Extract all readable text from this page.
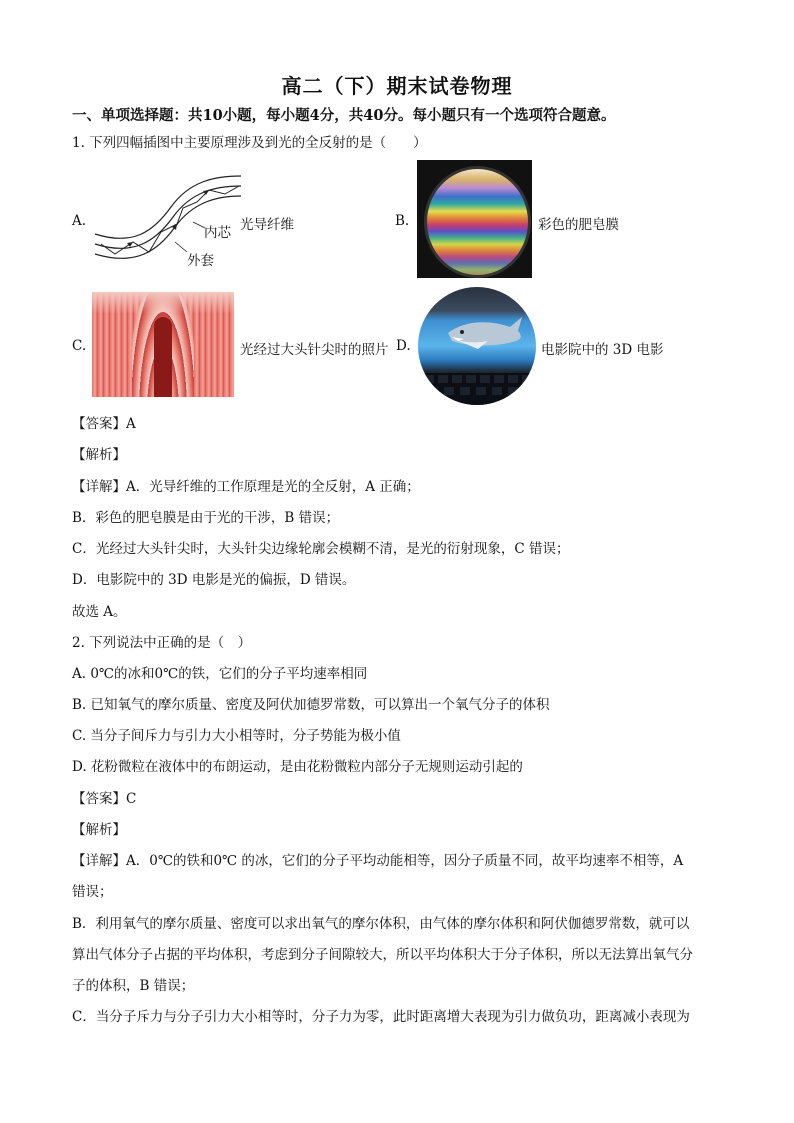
高二（下）期末试卷物理
一、单项选择题：共10小题，每小题4分，共40分。每小题只有一个选项符合题意。
1. 下列四幅插图中主要原理涉及到光的全反射的是（　　）
A.
内芯
外套
光导纤维	B.	彩色的肥皂膜
C.	光经过大头针尖时的照片 D.	电影院中的 3D 电影
【答案】A
【解析】
【详解】A．光导纤维的工作原理是光的全反射，A 正确；
B．彩色的肥皂膜是由于光的干涉，B 错误；
C．光经过大头针尖时，大头针尖边缘轮廓会模糊不清，是光的衍射现象，C 错误；
D．电影院中的 3D 电影是光的偏振，D 错误。
故选 A。
2. 下列说法中正确的是（　）
A. 0℃的冰和0℃的铁，它们的分子平均速率相同
B. 已知氧气的摩尔质量、密度及阿伏加德罗常数，可以算出一个氧气分子的体积
C. 当分子间斥力与引力大小相等时，分子势能为极小值
D. 花粉微粒在液体中的布朗运动，是由花粉微粒内部分子无规则运动引起的
【答案】C
【解析】
【详解】A．0℃的铁和0℃ 的冰，它们的分子平均动能相等，因分子质量不同，故平均速率不相等，A
错误；
B．利用氧气的摩尔质量、密度可以求出氧气的摩尔体积，由气体的摩尔体积和阿伏伽德罗常数，就可以
算出气体分子占据的平均体积，考虑到分子间隙较大，所以平均体积大于分子体积，所以无法算出氧气分
子的体积，B 错误；
C．当分子斥力与分子引力大小相等时，分子力为零，此时距离增大表现为引力做负功，距离减小表现为
